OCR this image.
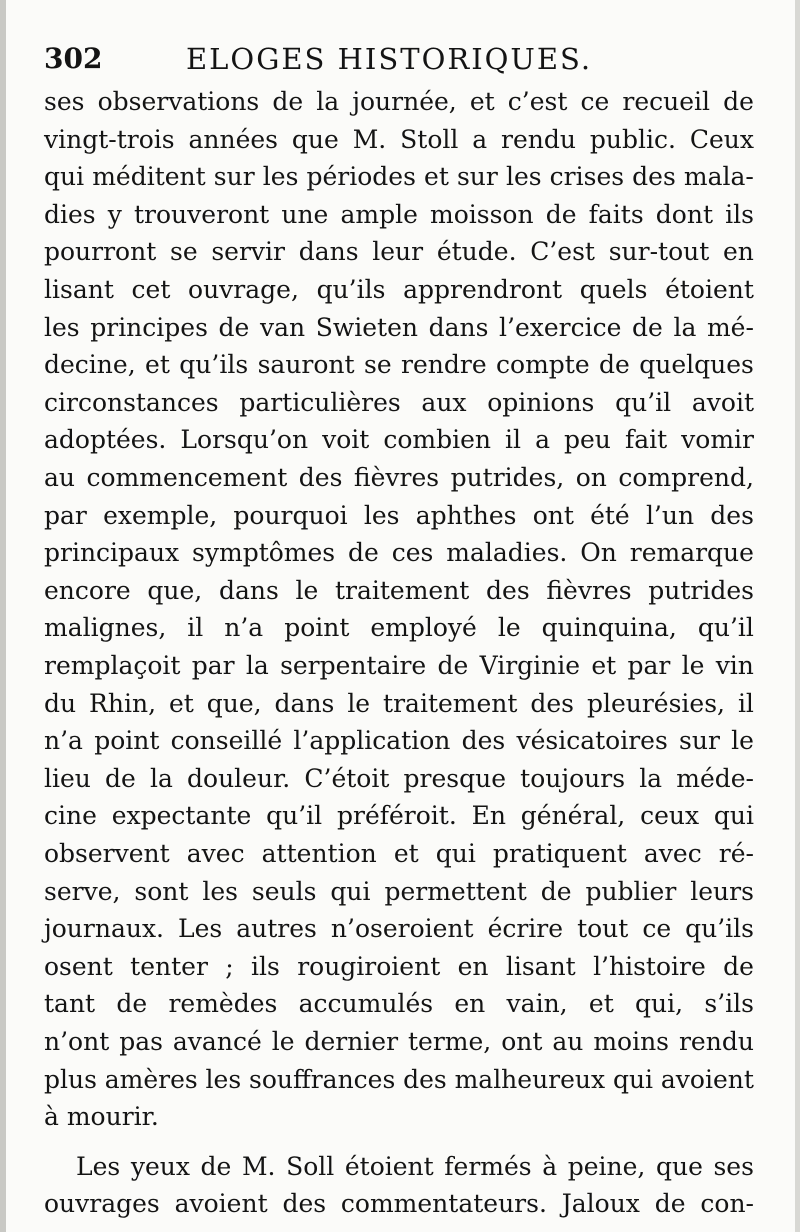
302	ELOGES HISTORIQUES.
ses observations de la journée, et c’est ce recueil de
vingt-trois années que M. Stoll a rendu public. Ceux
qui méditent sur les périodes et sur les crises des mala-
dies y trouveront une ample moisson de faits dont ils
pourront se servir dans leur étude. C’est sur-tout en
lisant cet ouvrage, qu’ils apprendront quels étoient
les principes de van Swieten dans l’exercice de la mé-
decine, et qu’ils sauront se rendre compte de quelques
circonstances particulières aux opinions qu’il avoit
adoptées. Lorsqu’on voit combien il a peu fait vomir
au commencement des fièvres putrides, on comprend,
par exemple, pourquoi les aphthes ont été l’un des
principaux symptômes de ces maladies. On remarque
encore que, dans le traitement des fièvres putrides
malignes, il n’a point employé le quinquina, qu’il
remplaçoit par la serpentaire de Virginie et par le vin
du Rhin, et que, dans le traitement des pleurésies, il
n’a point conseillé l’application des vésicatoires sur le
lieu de la douleur. C’étoit presque toujours la méde-
cine expectante qu’il préféroit. En général, ceux qui
observent avec attention et qui pratiquent avec ré-
serve, sont les seuls qui permettent de publier leurs
journaux. Les autres n’oseroient écrire tout ce qu’ils
osent tenter ; ils rougiroient en lisant l’histoire de
tant de remèdes accumulés en vain, et qui, s’ils
n’ont pas avancé le dernier terme, ont au moins rendu
plus amères les souffrances des malheureux qui avoient
à mourir.
Les yeux de M. Soll étoient fermés à peine, que ses
ouvrages avoient des commentateurs. Jaloux de con-
